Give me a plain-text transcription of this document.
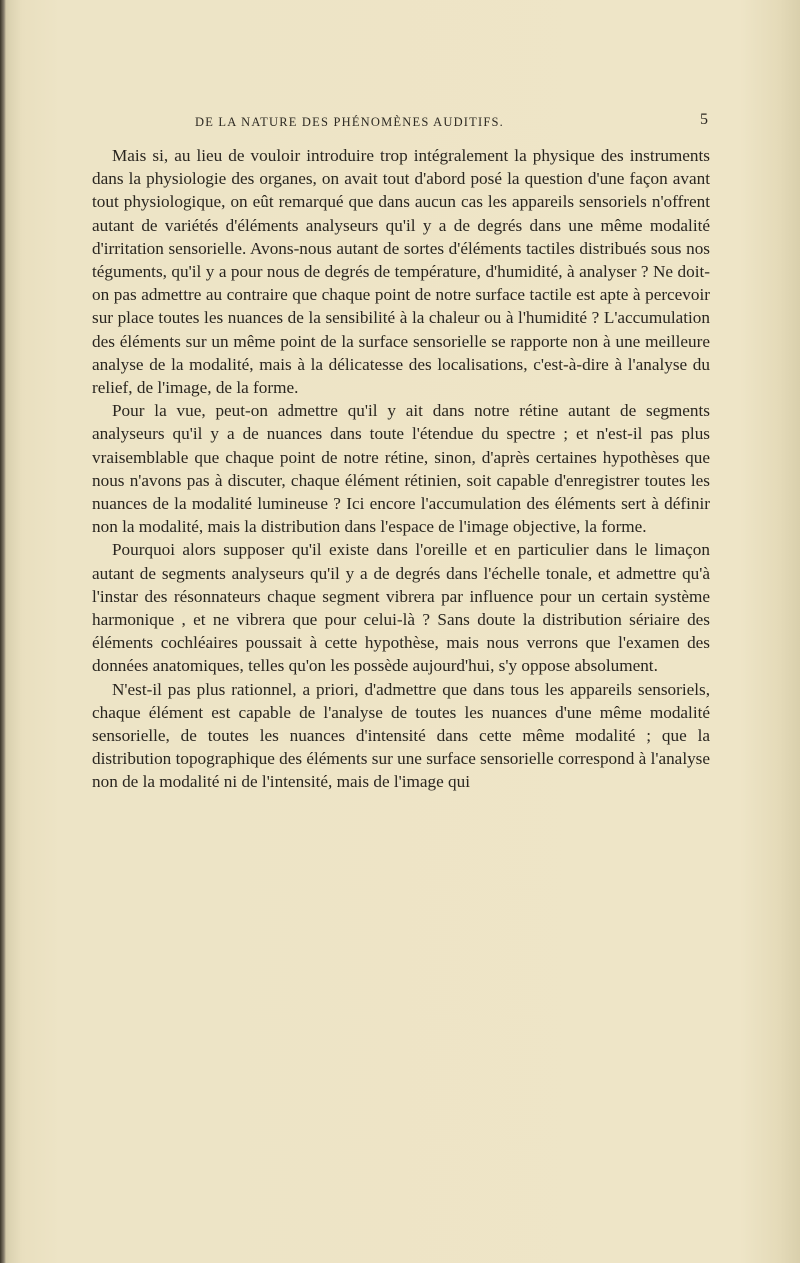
DE LA NATURE DES PHÉNOMÈNES AUDITIFS.	5

Mais si, au lieu de vouloir introduire trop intégralement la physique des instruments dans la physiologie des organes, on avait tout d'abord posé la question d'une façon avant tout physiologique, on eût remarqué que dans aucun cas les appareils sensoriels n'offrent autant de variétés d'éléments analyseurs qu'il y a de degrés dans une même modalité d'irritation sensorielle. Avons-nous autant de sortes d'éléments tactiles distribués sous nos téguments, qu'il y a pour nous de degrés de température, d'humidité, à analyser ? Ne doit-on pas admettre au contraire que chaque point de notre surface tactile est apte à percevoir sur place toutes les nuances de la sensibilité à la chaleur ou à l'humidité ? L'accumulation des éléments sur un même point de la surface sensorielle se rapporte non à une meilleure analyse de la modalité, mais à la délicatesse des localisations, c'est-à-dire à l'analyse du relief, de l'image, de la forme.

Pour la vue, peut-on admettre qu'il y ait dans notre rétine autant de segments analyseurs qu'il y a de nuances dans toute l'étendue du spectre ; et n'est-il pas plus vraisemblable que chaque point de notre rétine, sinon, d'après certaines hypothèses que nous n'avons pas à discuter, chaque élément rétinien, soit capable d'enregistrer toutes les nuances de la modalité lumineuse ? Ici encore l'accumulation des éléments sert à définir non la modalité, mais la distribution dans l'espace de l'image objective, la forme.

Pourquoi alors supposer qu'il existe dans l'oreille et en particulier dans le limaçon autant de segments analyseurs qu'il y a de degrés dans l'échelle tonale, et admettre qu'à l'instar des résonnateurs chaque segment vibrera par influence pour un certain système harmonique , et ne vibrera que pour celui-là ? Sans doute la distribution sériaire des éléments cochléaires poussait à cette hypothèse, mais nous verrons que l'examen des données anatomiques, telles qu'on les possède aujourd'hui, s'y oppose absolument.

N'est-il pas plus rationnel, a priori, d'admettre que dans tous les appareils sensoriels, chaque élément est capable de l'analyse de toutes les nuances d'une même modalité sensorielle, de toutes les nuances d'intensité dans cette même modalité ; que la distribution topographique des éléments sur une surface sensorielle correspond à l'analyse non de la modalité ni de l'intensité, mais de l'image qui
